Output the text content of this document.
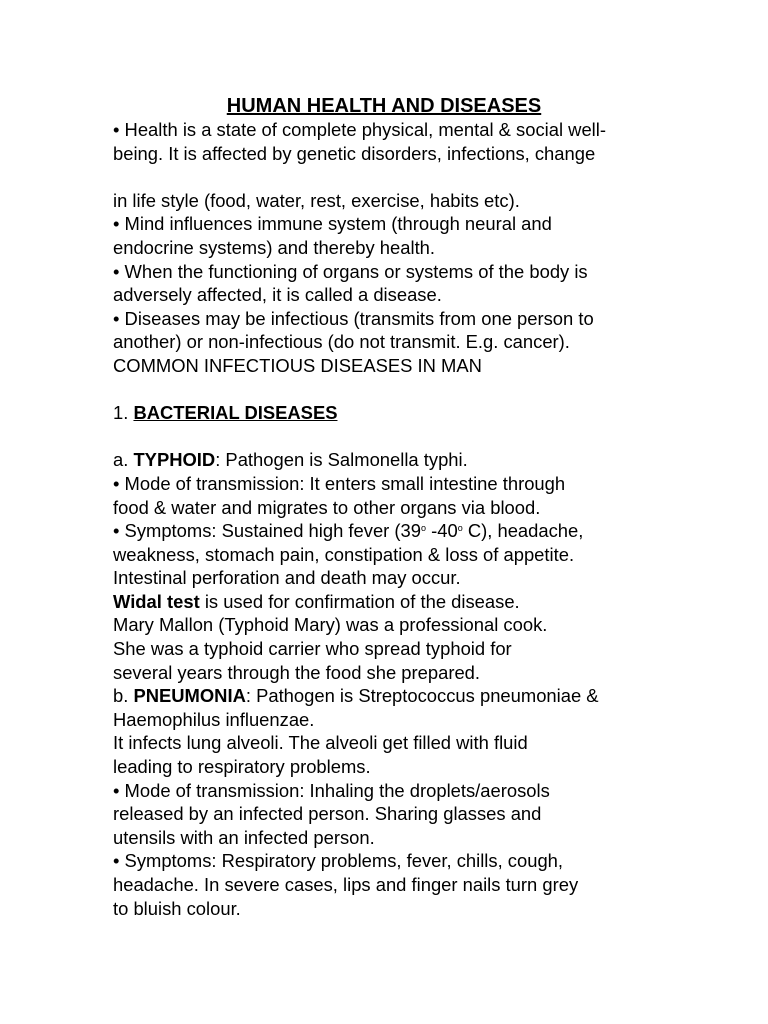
HUMAN HEALTH AND DISEASES
• Health is a state of complete physical, mental & social well-
being. It is affected by genetic disorders, infections, change
in life style (food, water, rest, exercise, habits etc).
• Mind influences immune system (through neural and
endocrine systems) and thereby health.
• When the functioning of organs or systems of the body is
adversely affected, it is called a disease.
• Diseases may be infectious (transmits from one person to
another) or non-infectious (do not transmit. E.g. cancer).
COMMON INFECTIOUS DISEASES IN MAN
1. BACTERIAL DISEASES
a. TYPHOID: Pathogen is Salmonella typhi.
• Mode of transmission: It enters small intestine through
food & water and migrates to other organs via blood.
• Symptoms: Sustained high fever (39$^o$ -40$^o$ C), headache,
weakness, stomach pain, constipation & loss of appetite.
Intestinal perforation and death may occur.
Widal test is used for confirmation of the disease.
Mary Mallon (Typhoid Mary) was a professional cook.
She was a typhoid carrier who spread typhoid for
several years through the food she prepared.
b. PNEUMONIA: Pathogen is Streptococcus pneumoniae &
Haemophilus influenzae.
It infects lung alveoli. The alveoli get filled with fluid
leading to respiratory problems.
• Mode of transmission: Inhaling the droplets/aerosols
released by an infected person. Sharing glasses and
utensils with an infected person.
• Symptoms: Respiratory problems, fever, chills, cough,
headache. In severe cases, lips and finger nails turn grey
to bluish colour.
